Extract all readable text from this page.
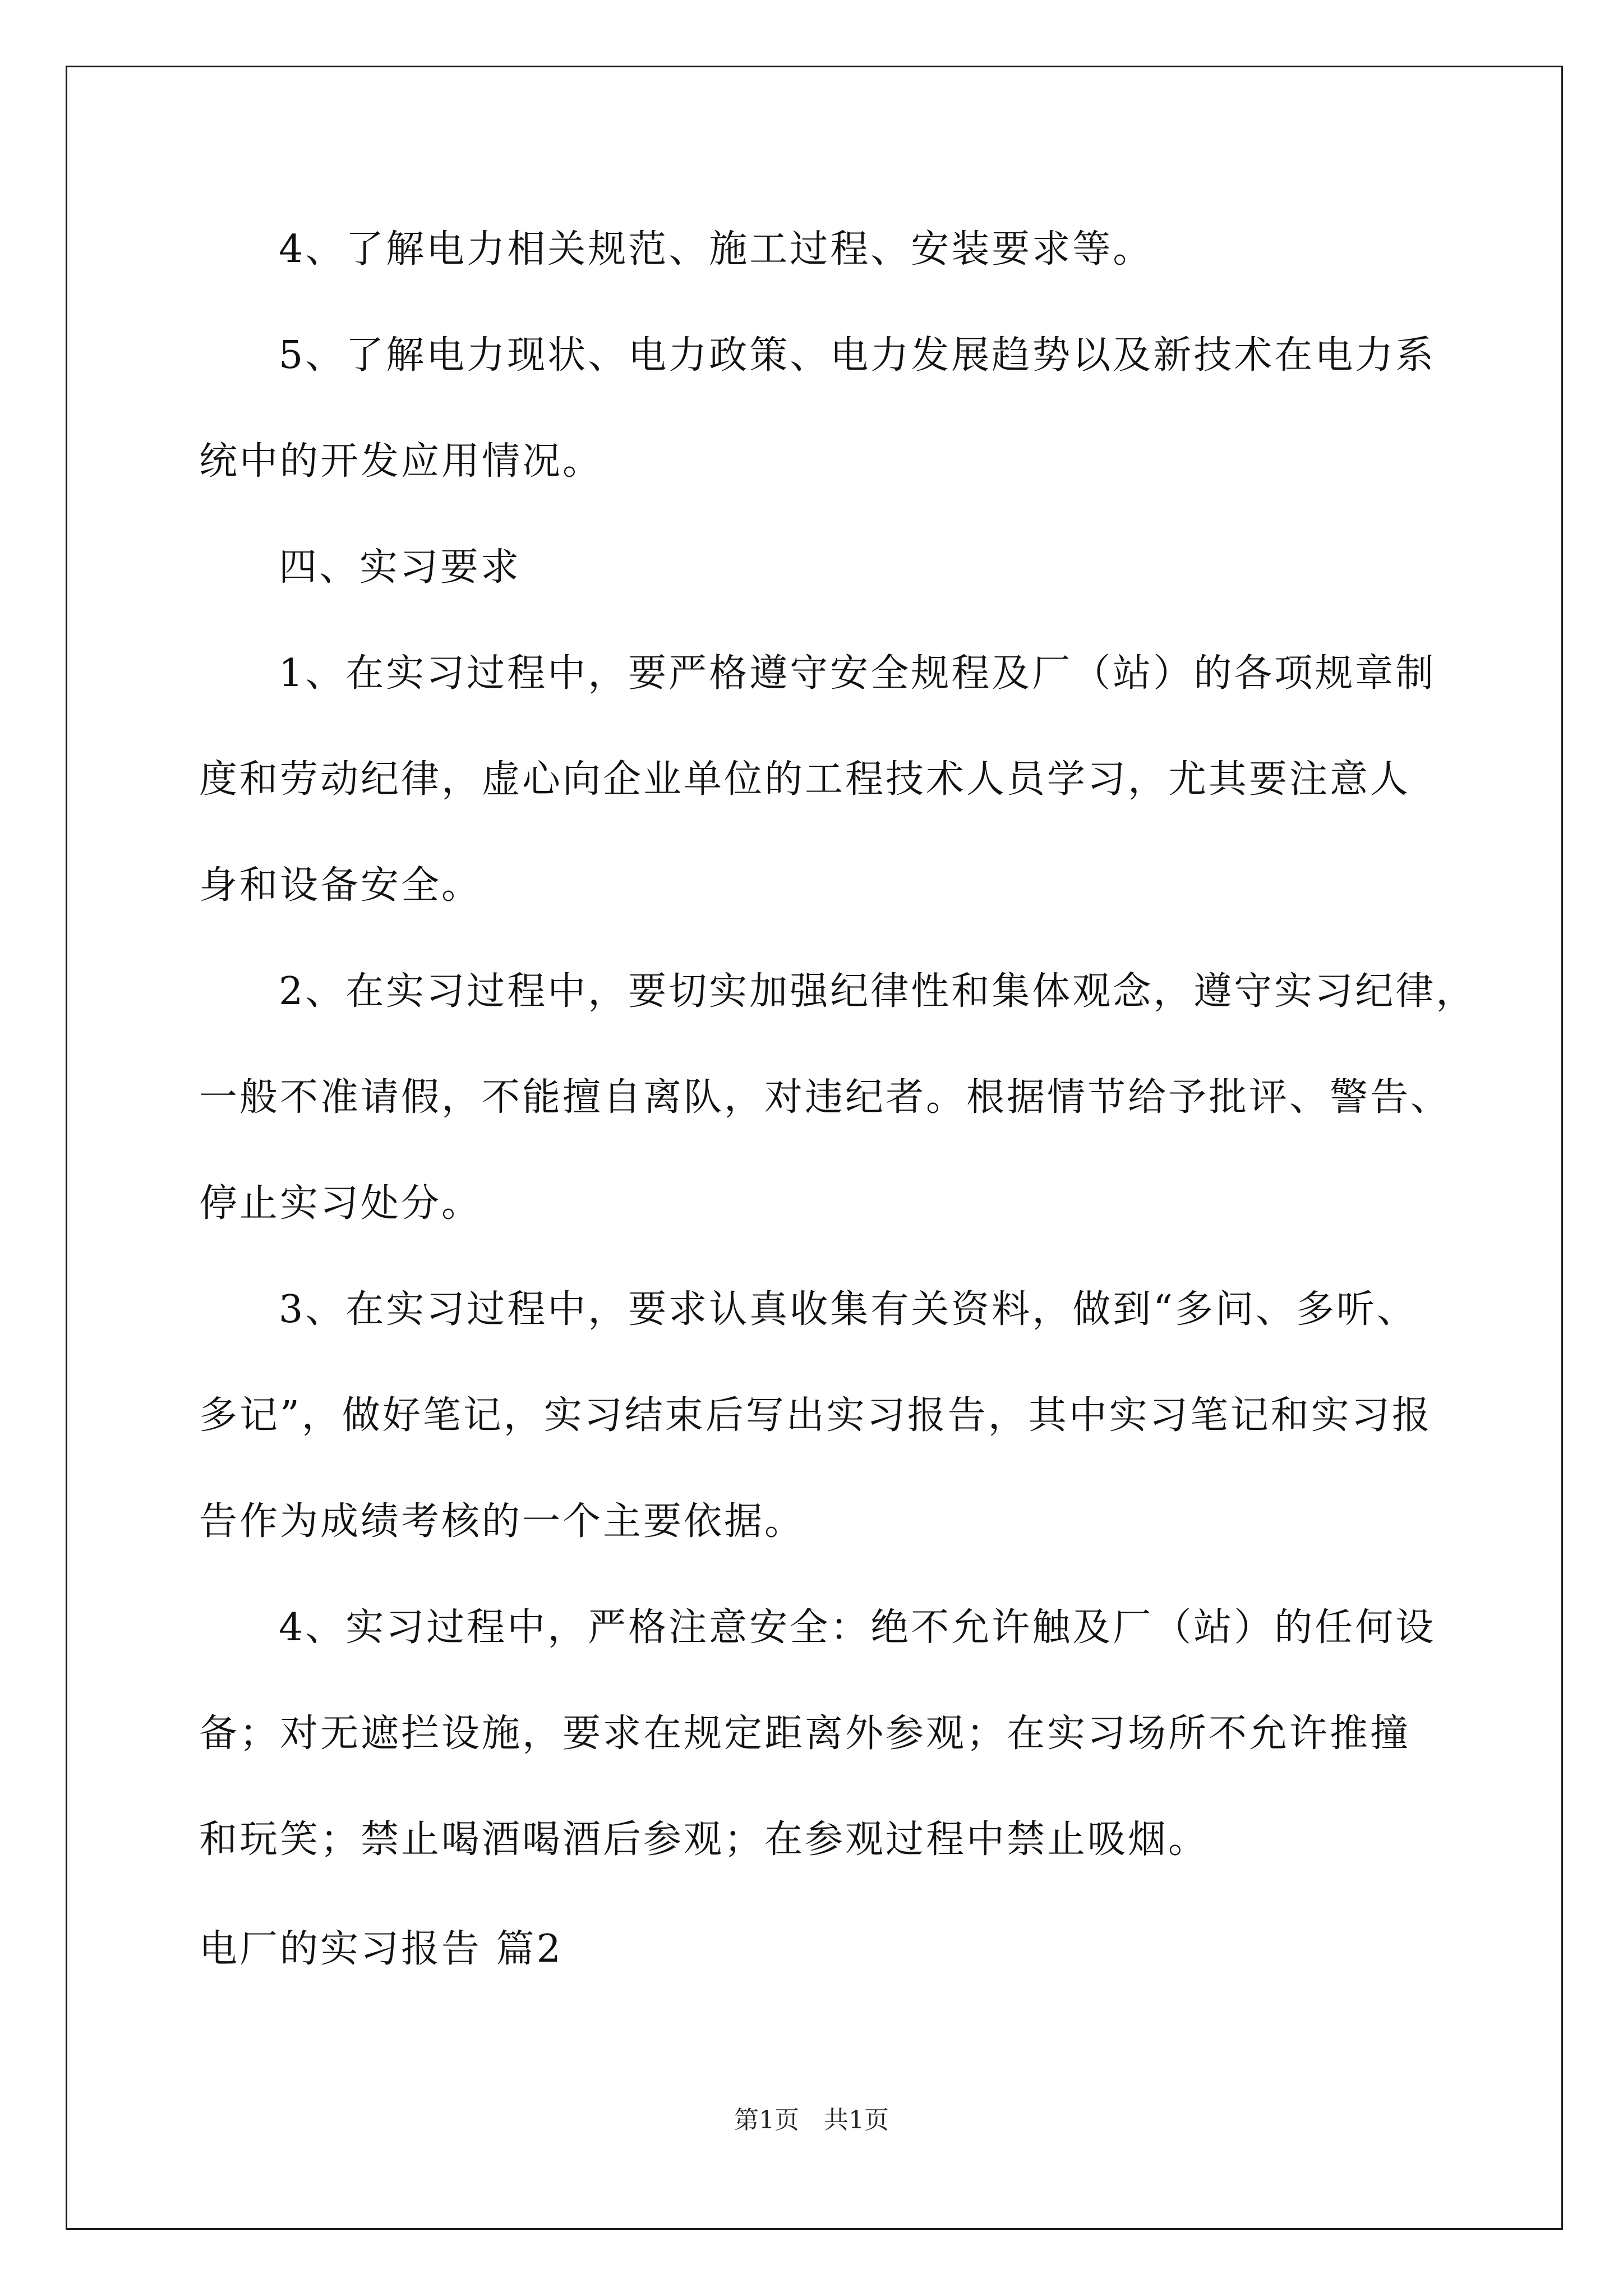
4、了解电力相关规范、施工过程、安装要求等。
5、了解电力现状、电力政策、电力发展趋势以及新技术在电力系
统中的开发应用情况。
四、实习要求
1、在实习过程中，要严格遵守安全规程及厂（站）的各项规章制
度和劳动纪律，虚心向企业单位的工程技术人员学习，尤其要注意人
身和设备安全。
2、在实习过程中，要切实加强纪律性和集体观念，遵守实习纪律，
一般不准请假，不能擅自离队，对违纪者。根据情节给予批评、警告、
停止实习处分。
3、在实习过程中，要求认真收集有关资料，做到“多问、多听、
多记”，做好笔记，实习结束后写出实习报告，其中实习笔记和实习报
告作为成绩考核的一个主要依据。
4、实习过程中，严格注意安全：绝不允许触及厂（站）的任何设
备；对无遮拦设施，要求在规定距离外参观；在实习场所不允许推撞
和玩笑；禁止喝酒喝酒后参观；在参观过程中禁止吸烟。
电厂的实习报告 篇2
第1页　共1页
